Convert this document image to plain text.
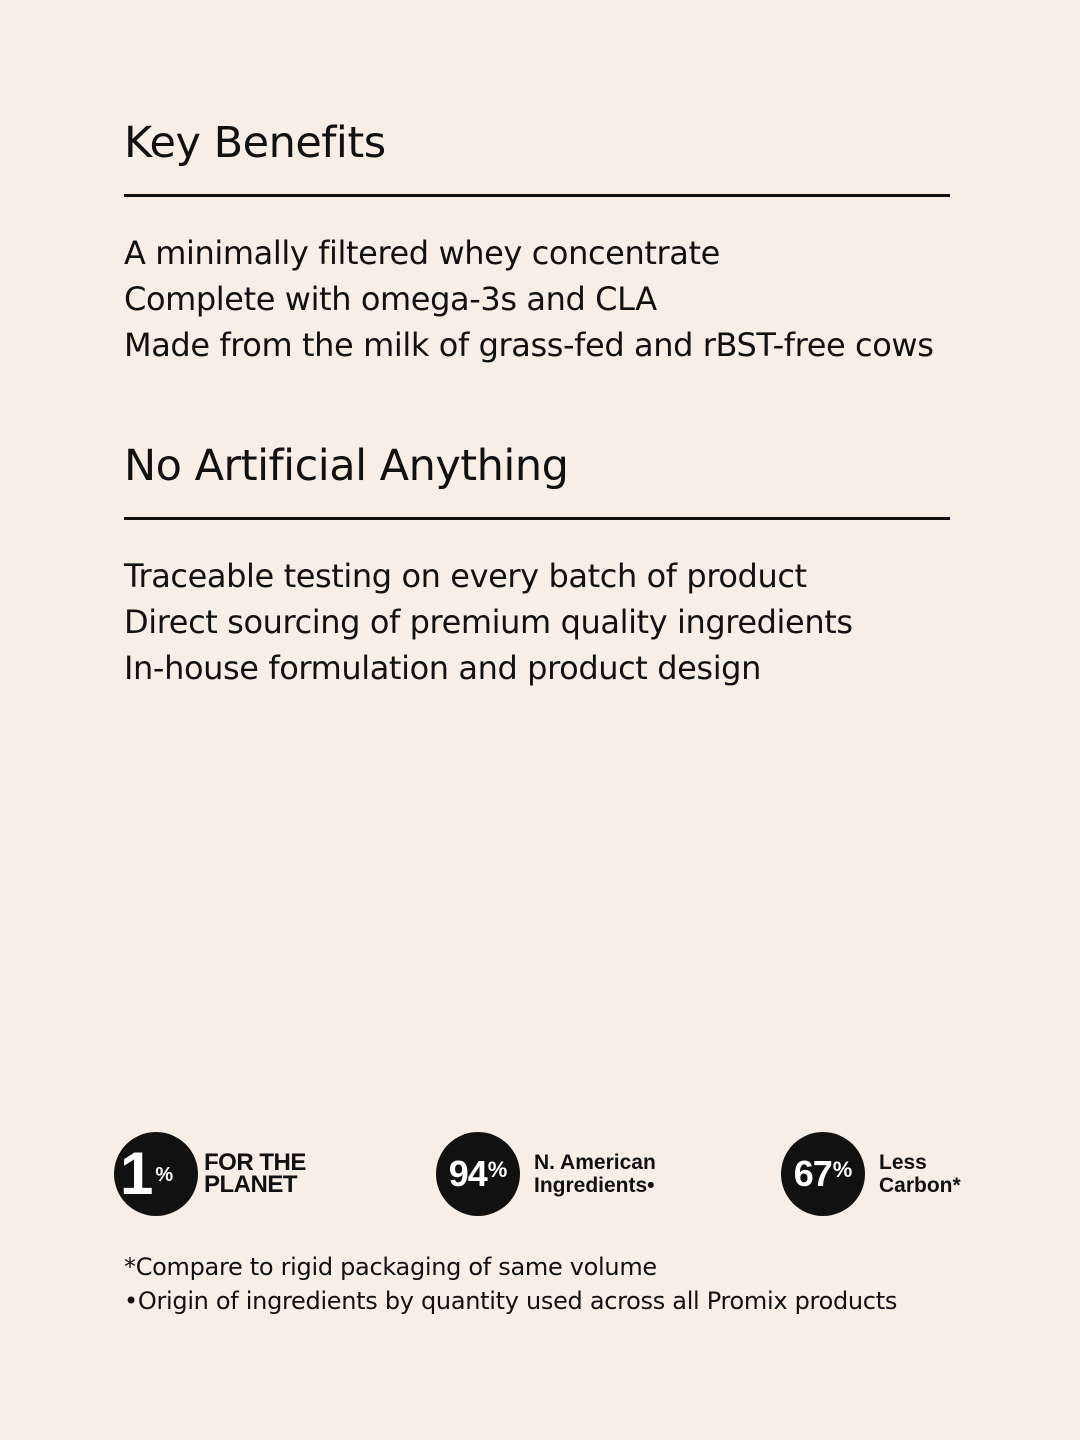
Key Benefits
A minimally filtered whey concentrate
Complete with omega-3s and CLA
Made from the milk of grass-fed and rBST-free cows
No Artificial Anything
Traceable testing on every batch of product
Direct sourcing of premium quality ingredients
In-house formulation and product design
1 % FOR THE
PLANET	94 % N. American
Ingredients•	67 % Less
Carbon*
*Compare to rigid packaging of same volume
•Origin of ingredients by quantity used across all Promix products
